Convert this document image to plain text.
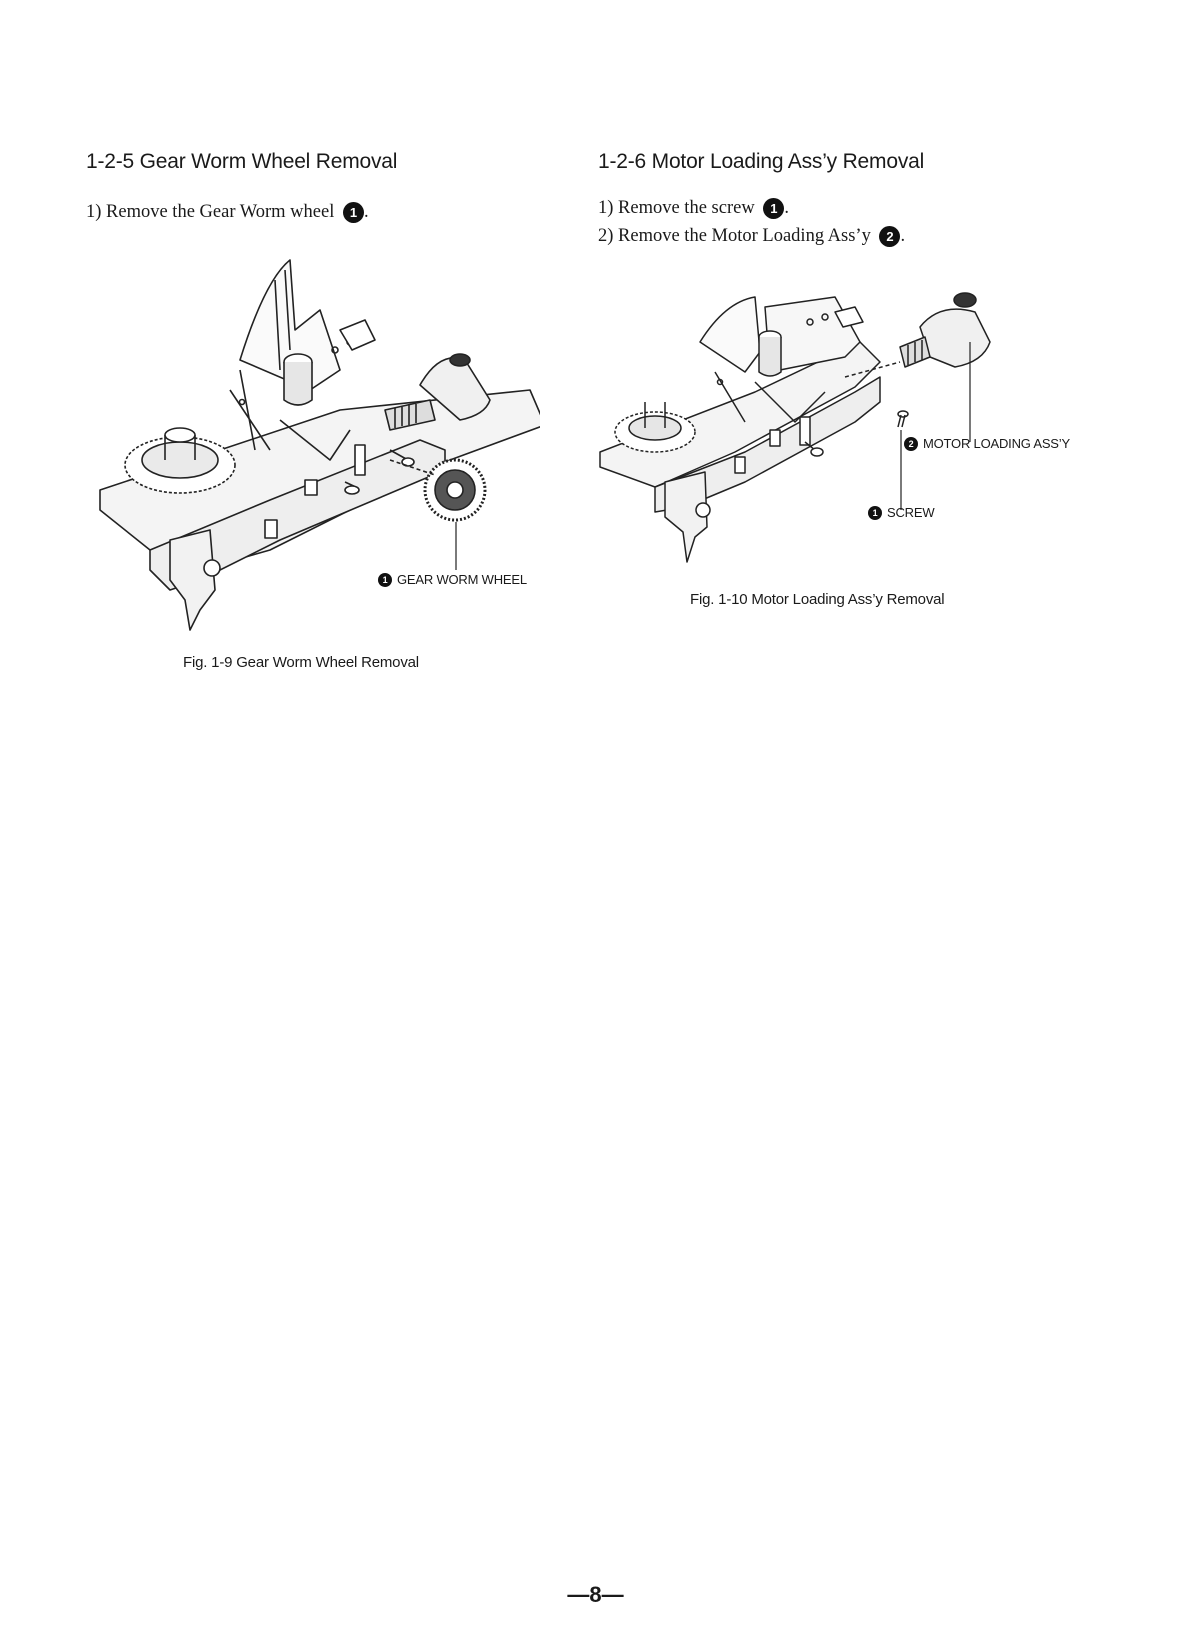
1-2-5 Gear Worm Wheel Removal
1) Remove the Gear Worm wheel 1 .
1 GEAR WORM WHEEL
Fig. 1-9 Gear Worm Wheel Removal
1-2-6 Motor Loading Ass’y Removal
1) Remove the screw 1 .
2) Remove the Motor Loading Ass’y 2 .
2 MOTOR LOADING ASS’Y
1 SCREW
Fig. 1-10 Motor Loading Ass’y Removal
—8—
